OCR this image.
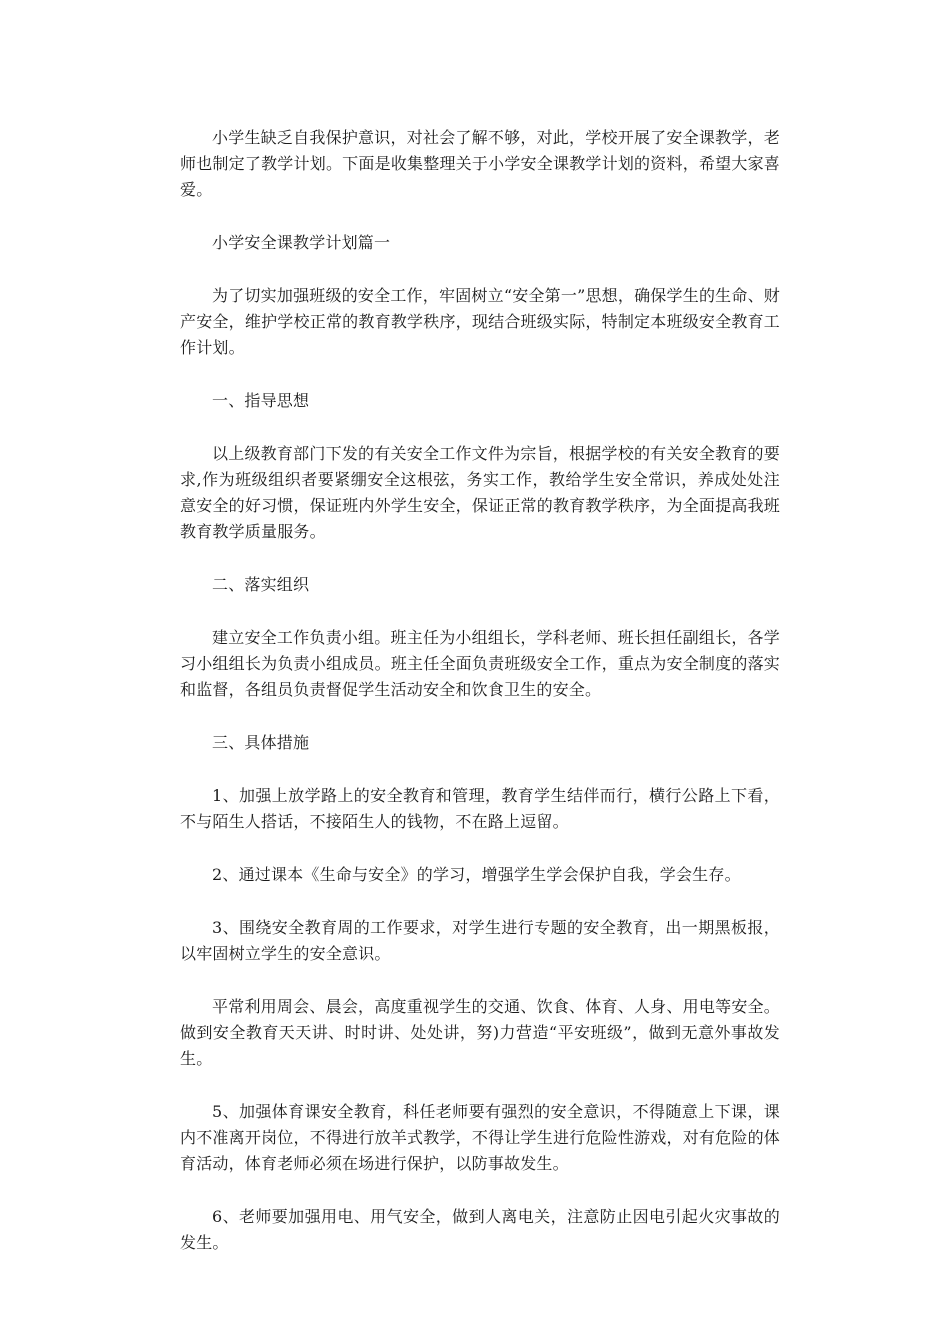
小学生缺乏自我保护意识，对社会了解不够，对此，学校开展了安全课教学，老师也制定了教学计划。下面是收集整理关于小学安全课教学计划的资料，希望大家喜爱。

小学安全课教学计划篇一

为了切实加强班级的安全工作，牢固树立“安全第一”思想，确保学生的生命、财产安全，维护学校正常的教育教学秩序，现结合班级实际，特制定本班级安全教育工作计划。

一、指导思想

以上级教育部门下发的有关安全工作文件为宗旨，根据学校的有关安全教育的要求,作为班级组织者要紧绷安全这根弦，务实工作，教给学生安全常识，养成处处注意安全的好习惯，保证班内外学生安全，保证正常的教育教学秩序，为全面提高我班教育教学质量服务。

二、落实组织

建立安全工作负责小组。班主任为小组组长，学科老师、班长担任副组长，各学习小组组长为负责小组成员。班主任全面负责班级安全工作，重点为安全制度的落实和监督，各组员负责督促学生活动安全和饮食卫生的安全。

三、具体措施

1、加强上放学路上的安全教育和管理，教育学生结伴而行，横行公路上下看，不与陌生人搭话，不接陌生人的钱物，不在路上逗留。

2、通过课本《生命与安全》的学习，增强学生学会保护自我，学会生存。

3、围绕安全教育周的工作要求，对学生进行专题的安全教育，出一期黑板报，以牢固树立学生的安全意识。

平常利用周会、晨会，高度重视学生的交通、饮食、体育、人身、用电等安全。做到安全教育天天讲、时时讲、处处讲，努)力营造“平安班级”，做到无意外事故发生。

5、加强体育课安全教育，科任老师要有强烈的安全意识，不得随意上下课，课内不准离开岗位，不得进行放羊式教学，不得让学生进行危险性游戏，对有危险的体育活动，体育老师必须在场进行保护，以防事故发生。

6、老师要加强用电、用气安全，做到人离电关，注意防止因电引起火灾事故的发生。
